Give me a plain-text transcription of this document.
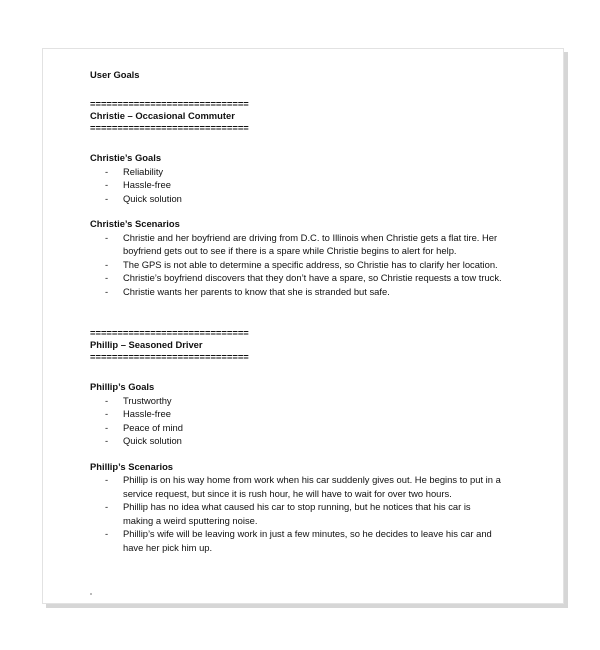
User Goals
=============================
Christie – Occasional Commuter
=============================
Christie’s Goals
- Reliability
- Hassle-free
- Quick solution
Christie’s Scenarios
- Christie and her boyfriend are driving from D.C. to Illinois when Christie gets a flat tire. Her boyfriend gets out to see if there is a spare while Christie begins to alert for help.
- The GPS is not able to determine a specific address, so Christie has to clarify her location.
- Christie’s boyfriend discovers that they don’t have a spare, so Christie requests a tow truck.
- Christie wants her parents to know that she is stranded but safe.
=============================
Phillip – Seasoned Driver
=============================
Phillip’s Goals
- Trustworthy
- Hassle-free
- Peace of mind
- Quick solution
Phillip’s Scenarios
- Phillip is on his way home from work when his car suddenly gives out. He begins to put in a service request, but since it is rush hour, he will have to wait for over two hours.
- Phillip has no idea what caused his car to stop running, but he notices that his car is making a weird sputtering noise.
- Phillip’s wife will be leaving work in just a few minutes, so he decides to leave his car and have her pick him up.
